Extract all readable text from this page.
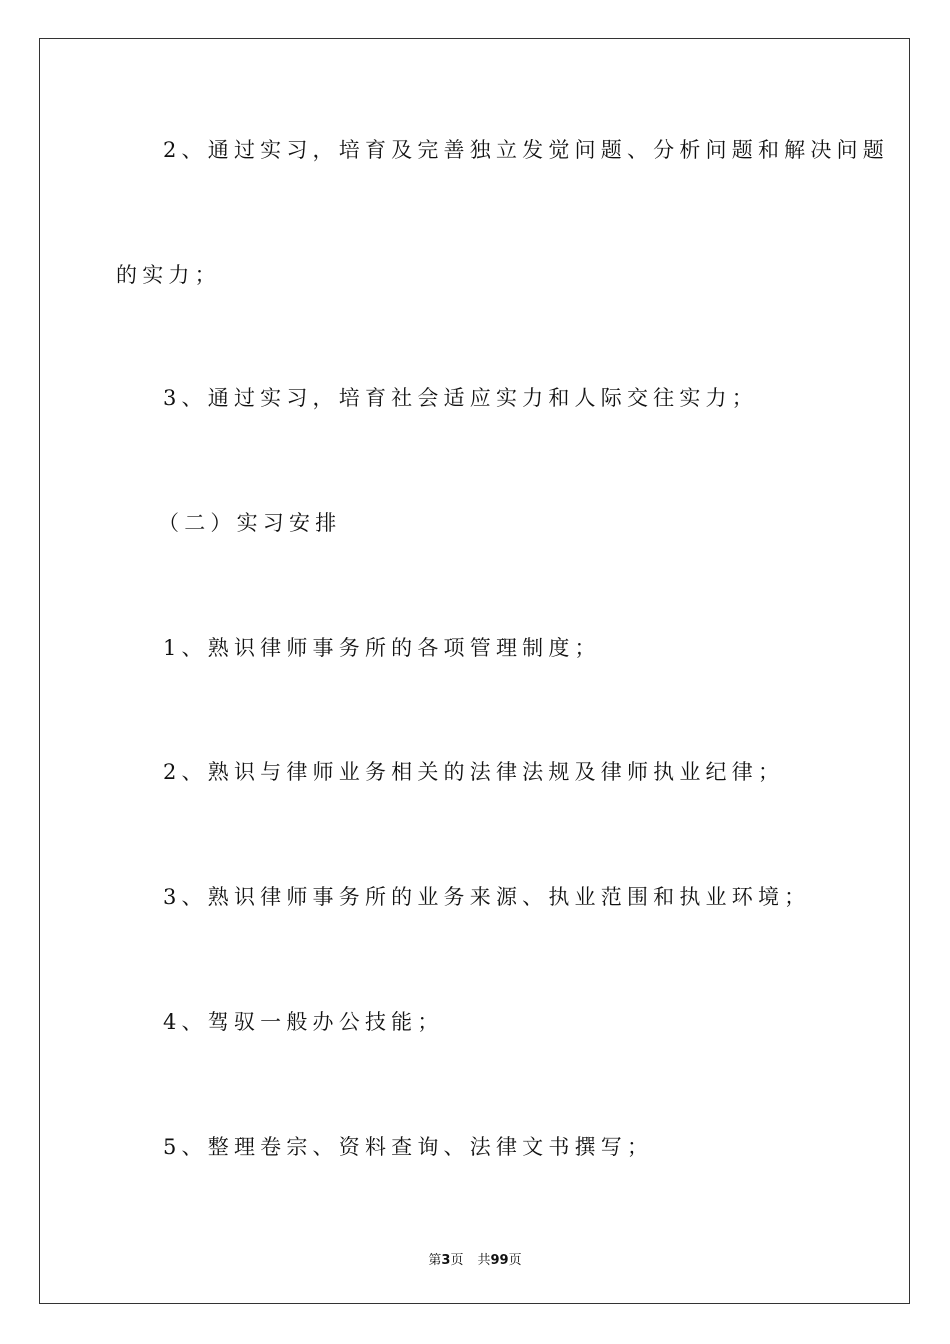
2、通过实习，培育及完善独立发觉问题、分析问题和解决问题
的实力；
3、通过实习，培育社会适应实力和人际交往实力；
（二）实习安排
1、熟识律师事务所的各项管理制度；
2、熟识与律师业务相关的法律法规及律师执业纪律；
3、熟识律师事务所的业务来源、执业范围和执业环境；
4、驾驭一般办公技能；
5、整理卷宗、资料查询、法律文书撰写；
第3页 共99页
